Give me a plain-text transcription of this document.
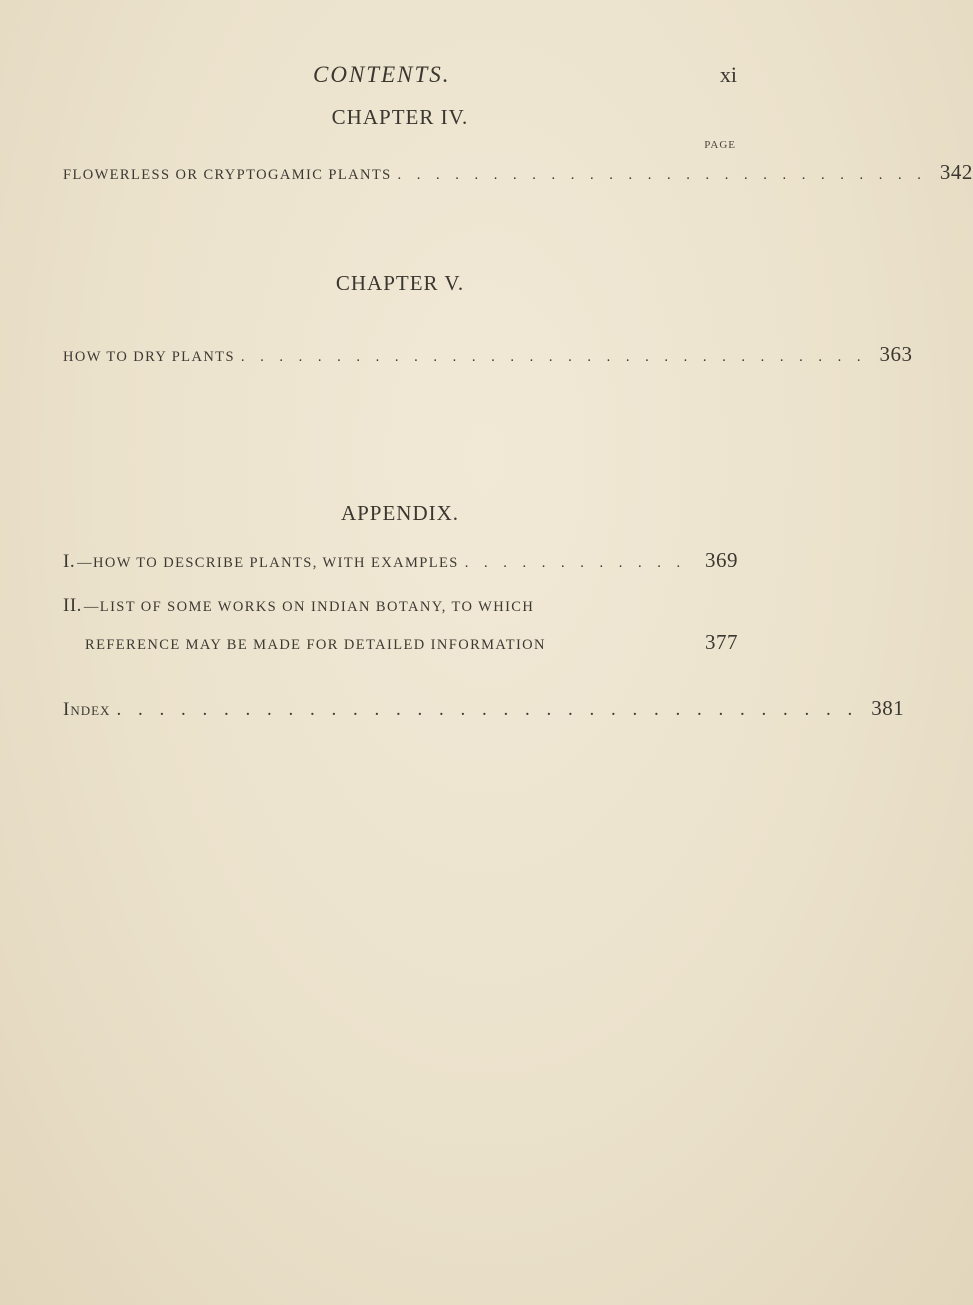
CONTENTS.	xi
CHAPTER IV.
PAGE
FLOWERLESS OR CRYPTOGAMIC PLANTS . . . . . . . . . . . . . . . . . . . . . . . . . . . . 342
CHAPTER V.
HOW TO DRY PLANTS . . . . . . . . . . . . . . . . . . . . . . . . . . . . . . . . . 363
APPENDIX.
I. —HOW TO DESCRIBE PLANTS, WITH EXAMPLES . . . . . . . . . . . . 369
II. —LIST OF SOME WORKS ON INDIAN BOTANY, TO WHICH
REFERENCE MAY BE MADE FOR DETAILED INFORMATION	377
Index . . . . . . . . . . . . . . . . . . . . . . . . . . . . . . . . . . . 381
